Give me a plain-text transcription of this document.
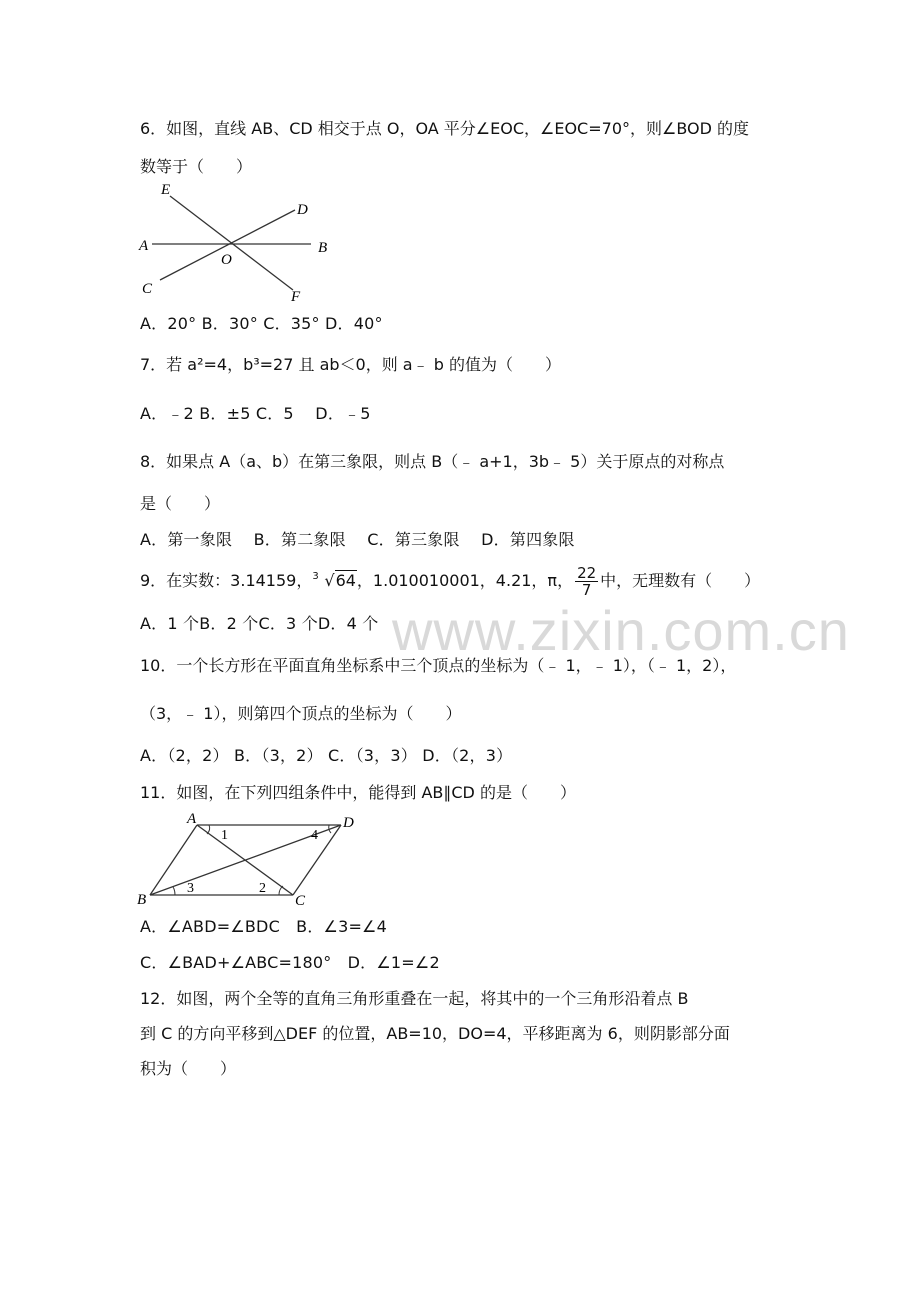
www.zixin.com.cn
6．如图，直线 AB、CD 相交于点 O，OA 平分∠EOC，∠EOC=70°，则∠BOD 的度
数等于（　　）
E
D
A
O
B
C	F
A．20° B．30° C．35° D．40°
7．若 a²=4，b³=27 且 ab＜0，则 a﹣ b 的值为（　　）
A．﹣2 B．±5 C．5　 D．﹣5
8．如果点 A（a、b）在第三象限，则点 B（﹣ a+1，3b﹣ 5）关于原点的对称点
是（　　）
A．第一象限　 B．第二象限　 C．第三象限　 D．第四象限
9．在实数：3.14159， 3 √64，1.010010001，4.21，π， $\frac{22}{7}$ 中，无理数有（　　）
A．1 个B．2 个C．3 个D．4 个
10．一个长方形在平面直角坐标系中三个顶点的坐标为（﹣ 1，﹣ 1），（﹣ 1，2），
（3，﹣ 1），则第四个顶点的坐标为（　　）
A．（2，2） B．（3，2） C．（3，3） D．（2，3）
11．如图，在下列四组条件中，能得到 AB∥CD 的是（　　）
A	D
B	C
1	4
3	2
A．∠ABD=∠BDC　B．∠3=∠4
C．∠BAD+∠ABC=180°　D．∠1=∠2
12．如图，两个全等的直角三角形重叠在一起，将其中的一个三角形沿着点 B
到 C 的方向平移到△DEF 的位置，AB=10，DO=4，平移距离为 6，则阴影部分面
积为（　　）
